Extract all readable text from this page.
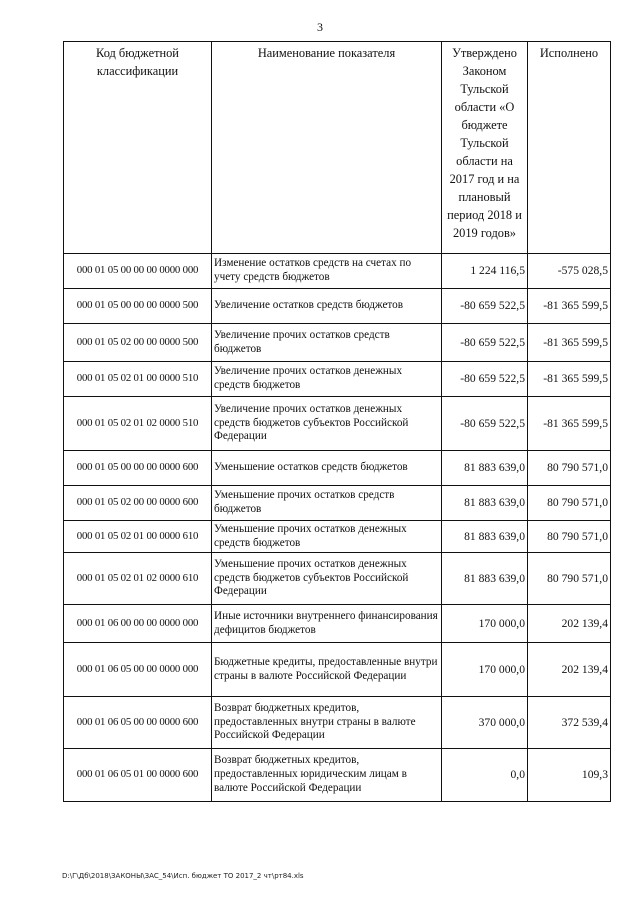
3
Код бюджетной классификации	Наименование показателя	Утверждено Законом Тульской области «О бюджете Тульской области на 2017 год и на плановый период 2018 и 2019 годов»	Исполнено
000 01 05 00 00 00 0000 000	Изменение остатков средств на счетах по учету средств бюджетов	1 224 116,5	-575 028,5
000 01 05 00 00 00 0000 500	Увеличение остатков средств бюджетов	-80 659 522,5	-81 365 599,5
000 01 05 02 00 00 0000 500	Увеличение прочих остатков средств бюджетов	-80 659 522,5	-81 365 599,5
000 01 05 02 01 00 0000 510	Увеличение прочих остатков денежных средств бюджетов	-80 659 522,5	-81 365 599,5
000 01 05 02 01 02 0000 510	Увеличение прочих остатков денежных средств бюджетов субъектов Российской Федерации	-80 659 522,5	-81 365 599,5
000 01 05 00 00 00 0000 600	Уменьшение остатков средств бюджетов	81 883 639,0	80 790 571,0
000 01 05 02 00 00 0000 600	Уменьшение прочих остатков средств бюджетов	81 883 639,0	80 790 571,0
000 01 05 02 01 00 0000 610	Уменьшение прочих остатков денежных средств бюджетов	81 883 639,0	80 790 571,0
000 01 05 02 01 02 0000 610	Уменьшение прочих остатков денежных средств бюджетов субъектов Российской Федерации	81 883 639,0	80 790 571,0
000 01 06 00 00 00 0000 000	Иные источники внутреннего финансирования дефицитов бюджетов	170 000,0	202 139,4
000 01 06 05 00 00 0000 000	Бюджетные кредиты, предоставленные внутри страны в валюте Российской Федерации	170 000,0	202 139,4
000 01 06 05 00 00 0000 600	Возврат бюджетных кредитов, предоставленных внутри страны в валюте Российской Федерации	370 000,0	372 539,4
000 01 06 05 01 00 0000 600	Возврат бюджетных кредитов, предоставленных юридическим лицам в валюте Российской Федерации	0,0	109,3
D:\Г\Дб\2018\ЗАКОНЫ\ЗАС_54\Исп. бюджет ТО 2017_2 чт\рт84.xls
